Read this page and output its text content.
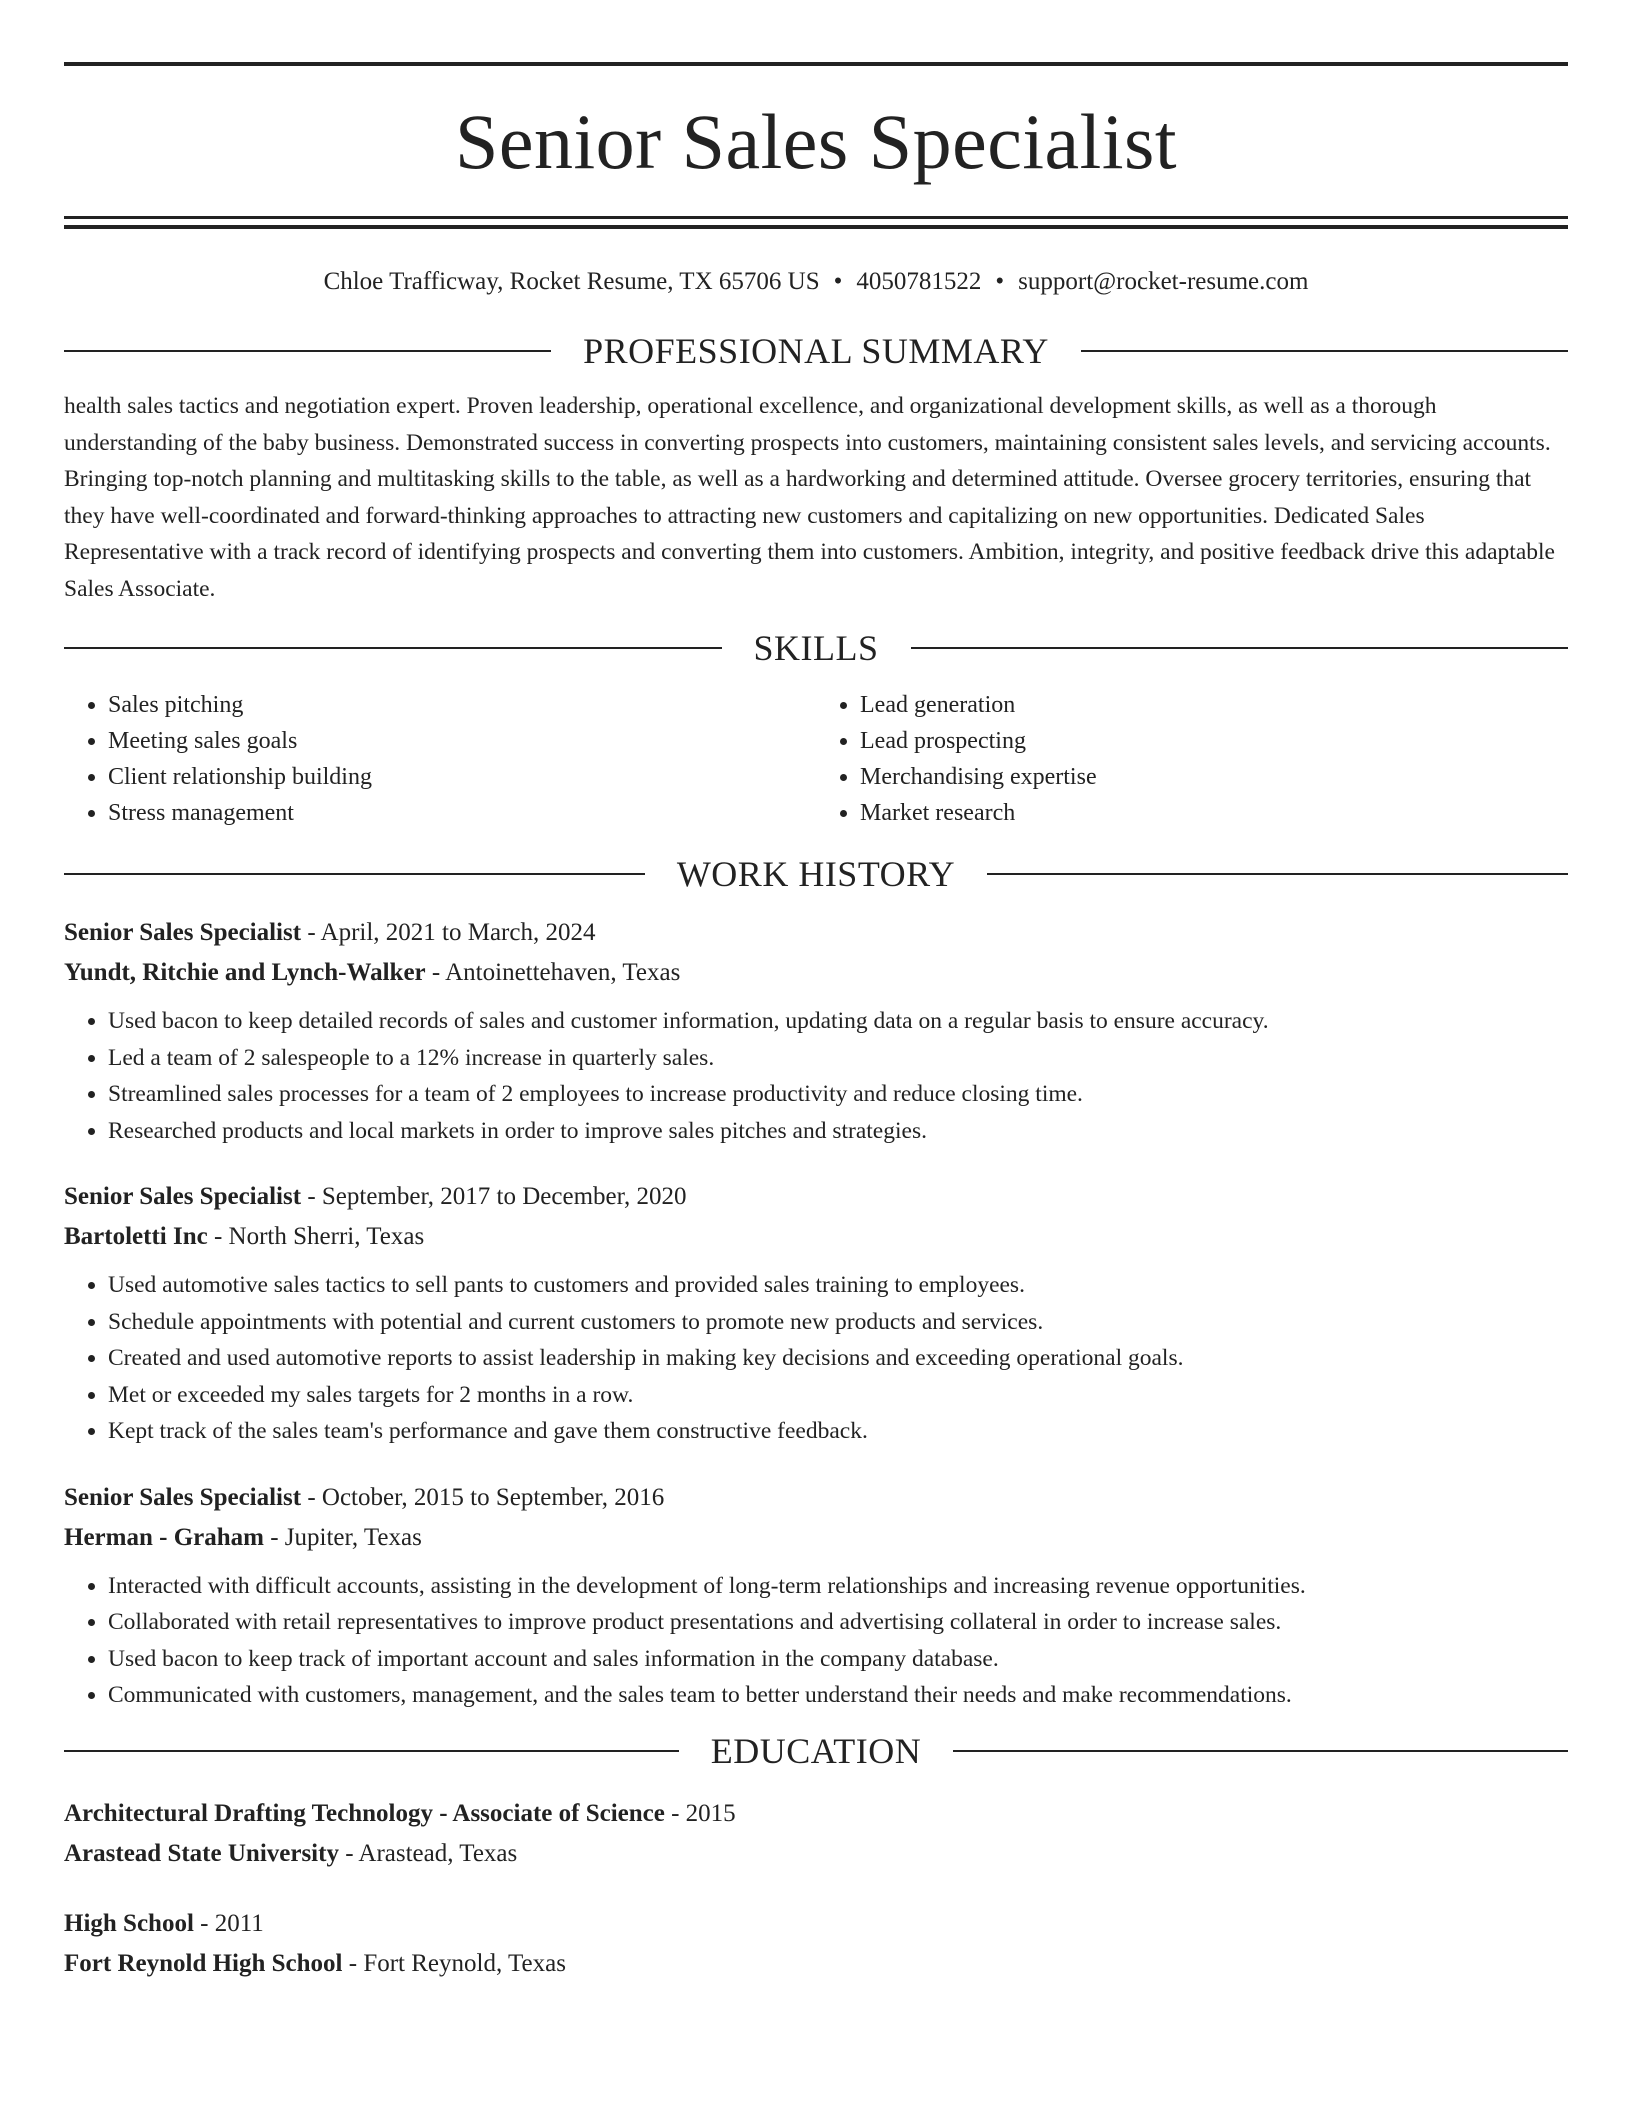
Senior Sales Specialist
Chloe Trafficway, Rocket Resume, TX 65706 US • 4050781522 • support@rocket-resume.com
PROFESSIONAL SUMMARY
health sales tactics and negotiation expert. Proven leadership, operational excellence, and organizational development skills, as well as a thorough understanding of the baby business. Demonstrated success in converting prospects into customers, maintaining consistent sales levels, and servicing accounts. Bringing top-notch planning and multitasking skills to the table, as well as a hardworking and determined attitude. Oversee grocery territories, ensuring that they have well-coordinated and forward-thinking approaches to attracting new customers and capitalizing on new opportunities. Dedicated Sales Representative with a track record of identifying prospects and converting them into customers. Ambition, integrity, and positive feedback drive this adaptable Sales Associate.
SKILLS
• Sales pitching
• Meeting sales goals
• Client relationship building
• Stress management
• Lead generation
• Lead prospecting
• Merchandising expertise
• Market research
WORK HISTORY
Senior Sales Specialist - April, 2021 to March, 2024
Yundt, Ritchie and Lynch-Walker - Antoinettehaven, Texas
• Used bacon to keep detailed records of sales and customer information, updating data on a regular basis to ensure accuracy.
• Led a team of 2 salespeople to a 12% increase in quarterly sales.
• Streamlined sales processes for a team of 2 employees to increase productivity and reduce closing time.
• Researched products and local markets in order to improve sales pitches and strategies.
Senior Sales Specialist - September, 2017 to December, 2020
Bartoletti Inc - North Sherri, Texas
• Used automotive sales tactics to sell pants to customers and provided sales training to employees.
• Schedule appointments with potential and current customers to promote new products and services.
• Created and used automotive reports to assist leadership in making key decisions and exceeding operational goals.
• Met or exceeded my sales targets for 2 months in a row.
• Kept track of the sales team's performance and gave them constructive feedback.
Senior Sales Specialist - October, 2015 to September, 2016
Herman - Graham - Jupiter, Texas
• Interacted with difficult accounts, assisting in the development of long-term relationships and increasing revenue opportunities.
• Collaborated with retail representatives to improve product presentations and advertising collateral in order to increase sales.
• Used bacon to keep track of important account and sales information in the company database.
• Communicated with customers, management, and the sales team to better understand their needs and make recommendations.
EDUCATION
Architectural Drafting Technology - Associate of Science - 2015
Arastead State University - Arastead, Texas
High School - 2011
Fort Reynold High School - Fort Reynold, Texas
